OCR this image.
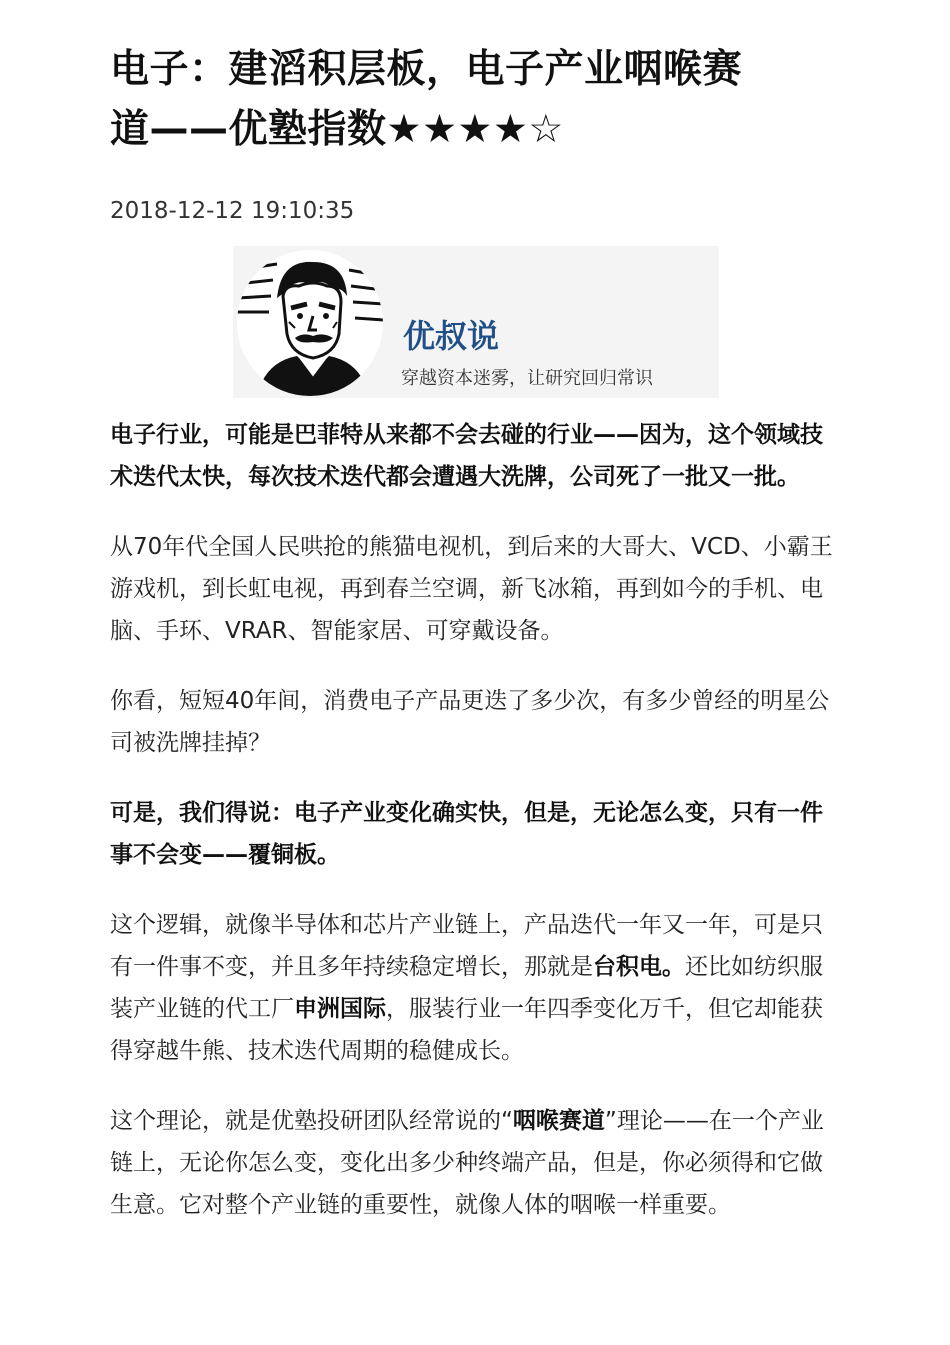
电子：建滔积层板，电子产业咽喉赛
道——优塾指数★★★★☆
2018-12-12 19:10:35
优叔说
穿越资本迷雾，让研究回归常识

电子行业，可能是巴菲特从来都不会去碰的行业——因为，这个领域技术迭代太快，每次技术迭代都会遭遇大洗牌，公司死了一批又一批。

从70年代全国人民哄抢的熊猫电视机，到后来的大哥大、VCD、小霸王游戏机，到长虹电视，再到春兰空调，新飞冰箱，再到如今的手机、电脑、手环、VRAR、智能家居、可穿戴设备。

你看，短短40年间，消费电子产品更迭了多少次，有多少曾经的明星公司被洗牌挂掉？

可是，我们得说：电子产业变化确实快，但是，无论怎么变，只有一件事不会变——覆铜板。

这个逻辑，就像半导体和芯片产业链上，产品迭代一年又一年，可是只有一件事不变，并且多年持续稳定增长，那就是台积电。还比如纺织服装产业链的代工厂申洲国际，服装行业一年四季变化万千，但它却能获得穿越牛熊、技术迭代周期的稳健成长。

这个理论，就是优塾投研团队经常说的“咽喉赛道”理论——在一个产业链上，无论你怎么变，变化出多少种终端产品，但是，你必须得和它做生意。它对整个产业链的重要性，就像人体的咽喉一样重要。
